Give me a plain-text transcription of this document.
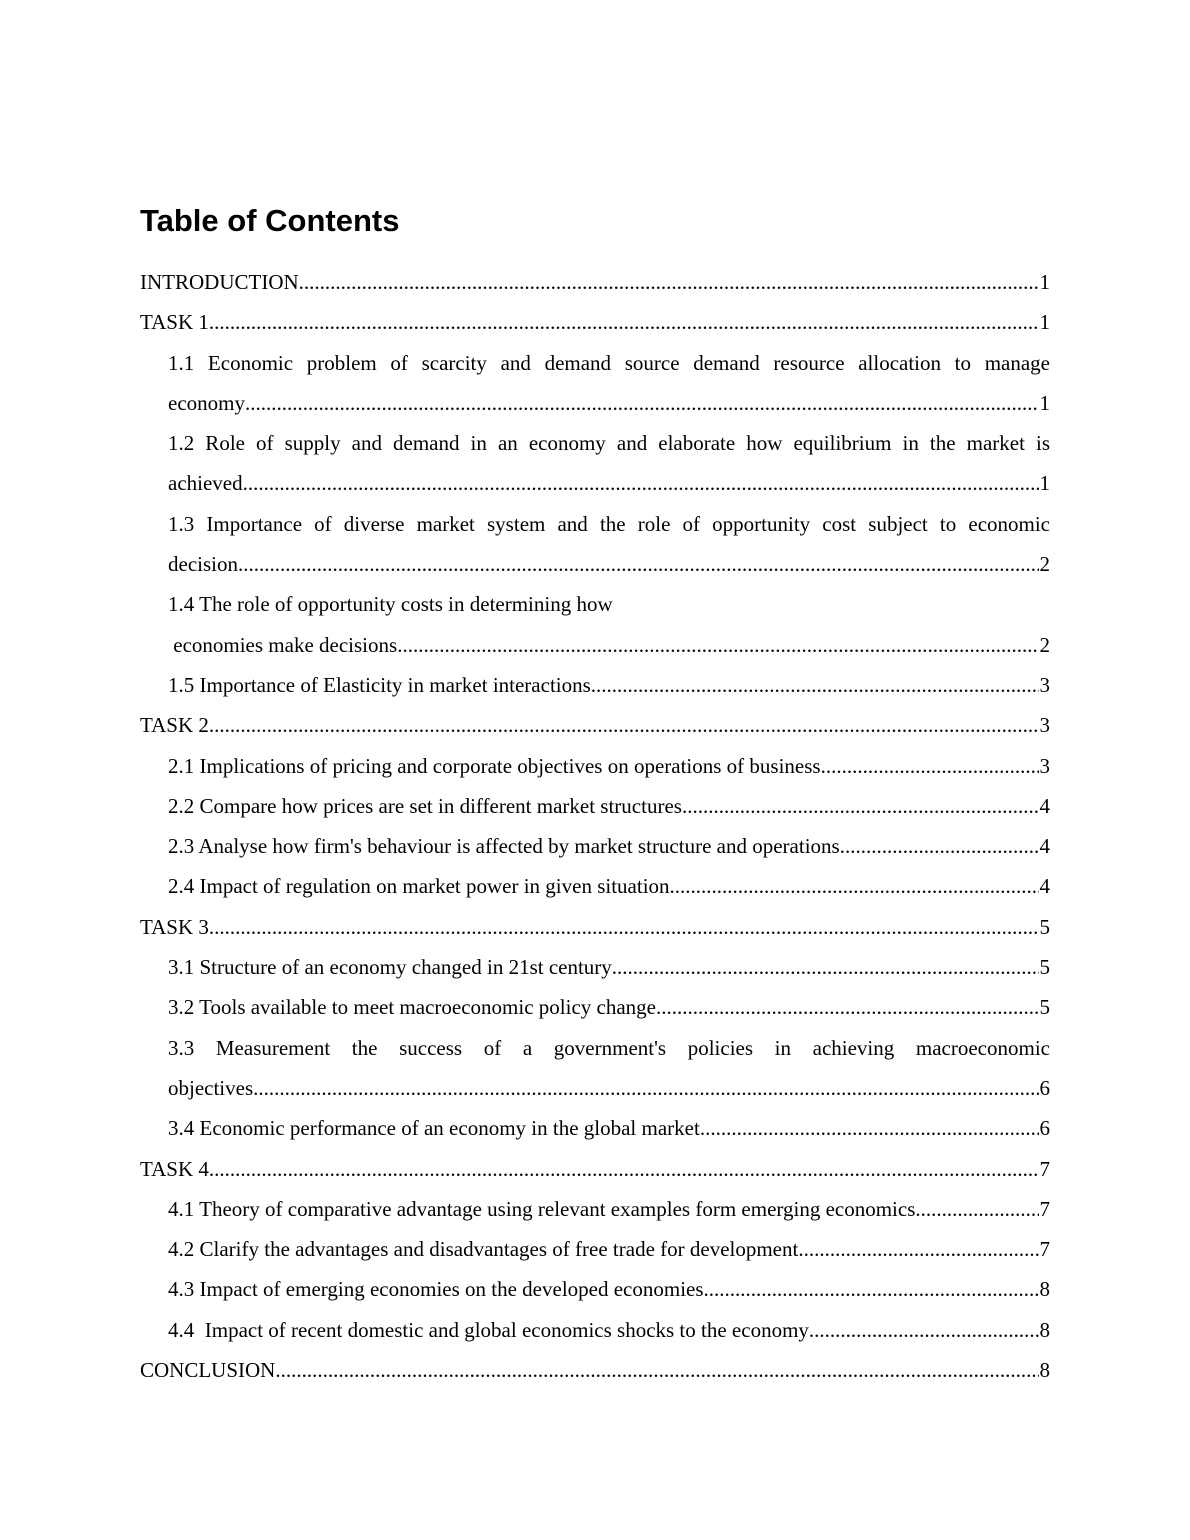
Table of Contents
INTRODUCTION .....	1
TASK 1 .....	1
1.1 Economic problem of scarcity and demand source demand resource allocation to manage
economy .....	1
1.2 Role of supply and demand in an economy and elaborate how equilibrium in the market is
achieved .....	1
1.3 Importance of diverse market system and the role of opportunity cost subject to economic
decision .....	2
1.4 The role of opportunity costs in determining how
economies make decisions .....	2
1.5 Importance of Elasticity in market interactions .....	3
TASK 2 .....	3
2.1 Implications of pricing and corporate objectives on operations of business .....	3
2.2 Compare how prices are set in different market structures .....	4
2.3 Analyse how firm's behaviour is affected by market structure and operations .....	4
2.4 Impact of regulation on market power in given situation .....	4
TASK 3 .....	5
3.1 Structure of an economy changed in 21st century .....	5
3.2 Tools available to meet macroeconomic policy change .....	5
3.3 Measurement the success of a government's policies in achieving macroeconomic
objectives .....	6
3.4 Economic performance of an economy in the global market .....	6
TASK 4 .....	7
4.1 Theory of comparative advantage using relevant examples form emerging economics. .....	7
4.2 Clarify the advantages and disadvantages of free trade for development .....	7
4.3 Impact of emerging economies on the developed economies .....	8
4.4  Impact of recent domestic and global economics shocks to the economy .....	8
CONCLUSION .....	8
